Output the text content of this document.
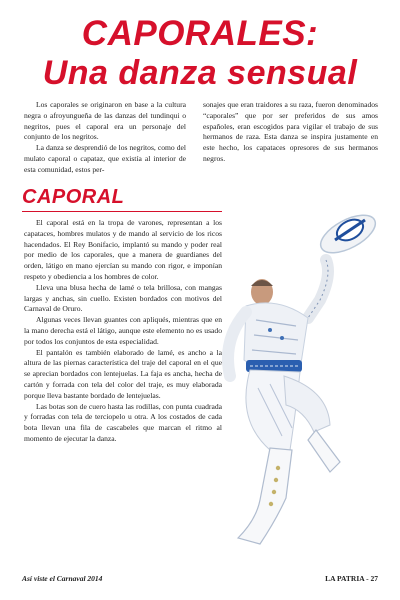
CAPORALES:
Una danza sensual

Los caporales se originaron en base a la cultura negra o afroyungueña de las danzas del tundinqui o negritos, pues el caporal era un personaje del conjunto de los negritos.

La danza se desprendió de los negritos, como del mulato caporal o capataz, que existía al interior de esta comunidad, estos per-

sonajes que eran traidores a su raza, fueron denominados “caporales” que por ser preferidos de sus amos españoles, eran escogidos para vigilar el trabajo de sus hermanos de raza. Esta danza se inspira justamente en este hecho, los capataces opresores de sus hermanos negros.

CAPORAL

El caporal está en la tropa de varones, representan a los capataces, hombres mulatos y de mando al servicio de los ricos hacendados. El Rey Bonifacio, implantó su mando y poder real por medio de los caporales, que a manera de guardianes del orden, látigo en mano ejercían su mando con rigor, e imponían respeto y obediencia a los hombres de color.

Lleva una blusa hecha de lamé o tela brillosa, con mangas largas y anchas, sin cuello. Existen bordados con motivos del Carnaval de Oruro.

Algunas veces llevan guantes con apliqués, mientras que en la mano derecha está el látigo, aunque este elemento no es usado por todos los conjuntos de esta especialidad.

El pantalón es también elaborado de lamé, es ancho a la altura de las piernas característica del traje del caporal en el que se aprecian bordados con lentejuelas. La faja es ancha, hecha de cartón y forrada con tela del color del traje, es muy elaborada porque lleva bastante bordado de lentejuelas.

Las botas son de cuero hasta las rodillas, con punta cuadrada y forradas con tela de terciopelo u otra. A los costados de cada bota llevan una fila de cascabeles que marcan el ritmo al momento de ejecutar la danza.

Así viste el Carnaval 2014	LA PATRIA - 27
